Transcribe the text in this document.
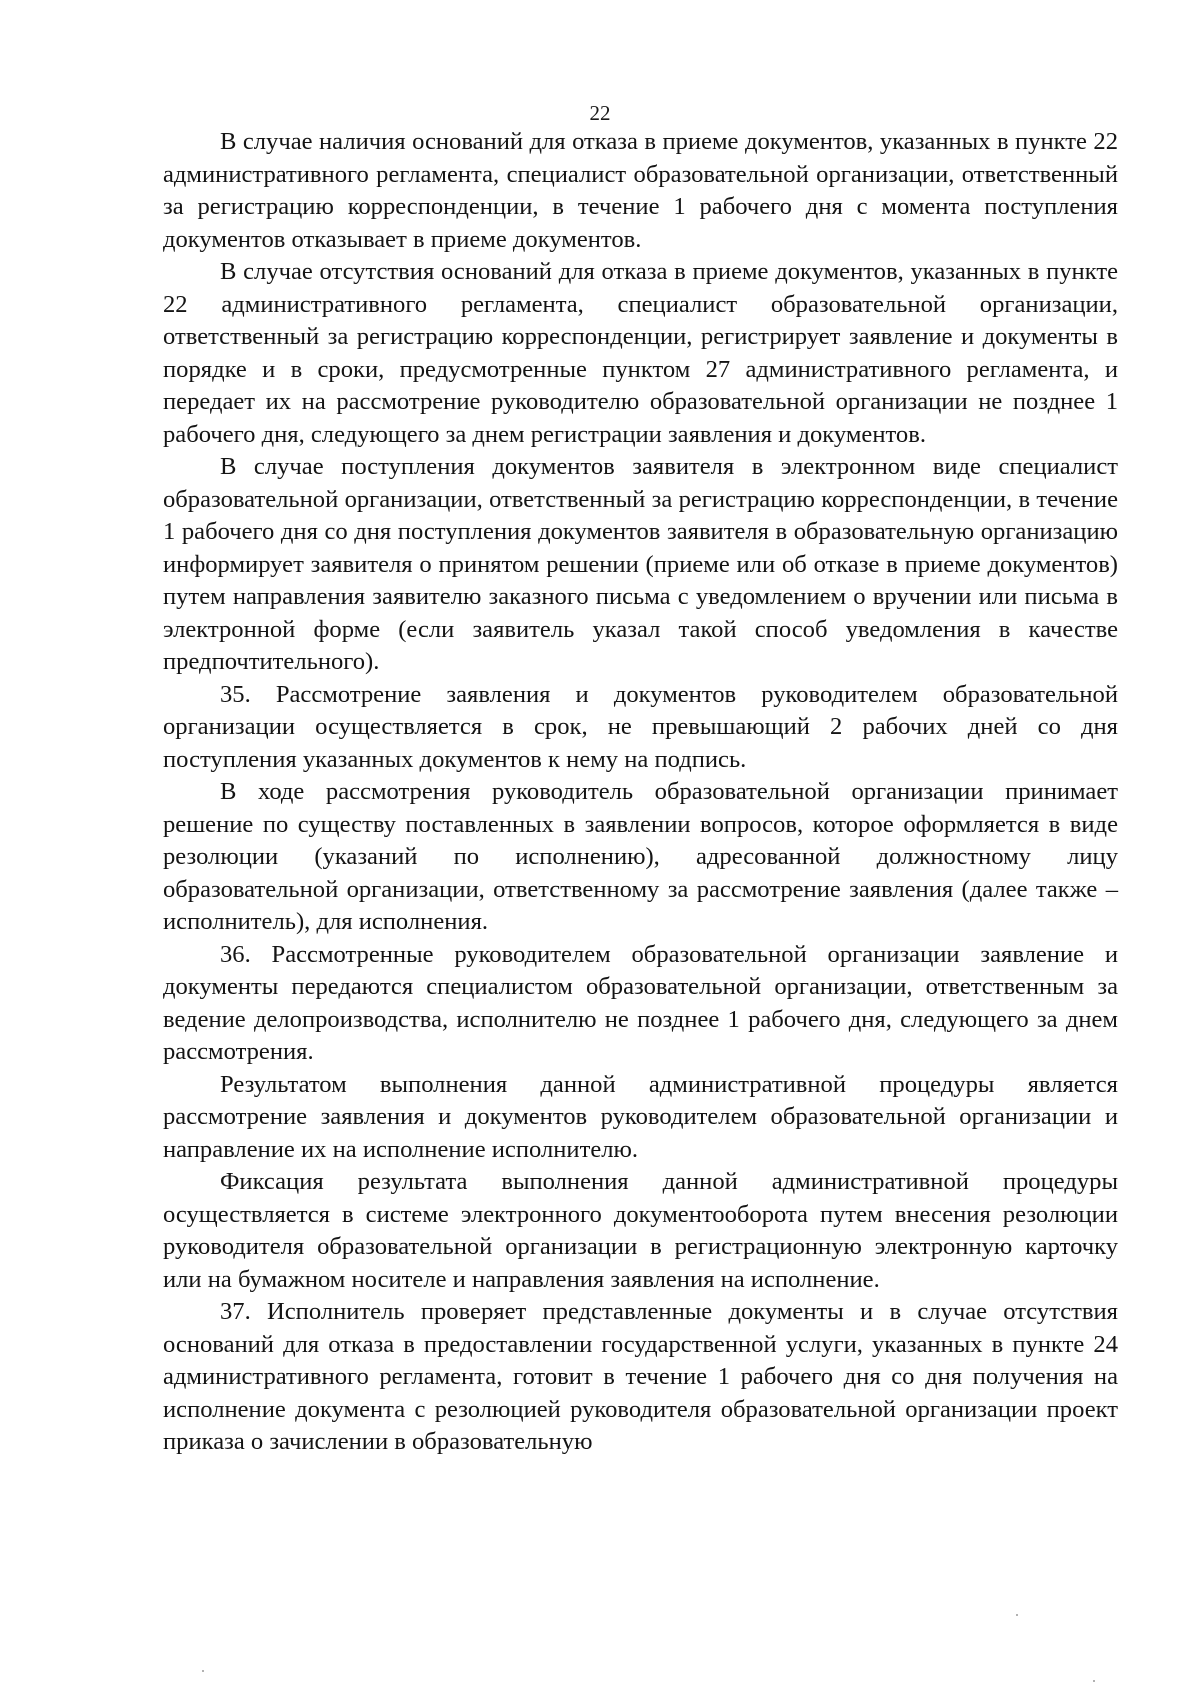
22

В случае наличия оснований для отказа в приеме документов, указанных в пункте 22 административного регламента, специалист образовательной организации, ответственный за регистрацию корреспонденции, в течение 1 рабочего дня с момента поступления документов отказывает в приеме документов.

В случае отсутствия оснований для отказа в приеме документов, указанных в пункте 22 административного регламента, специалист образовательной организации, ответственный за регистрацию корреспонденции, регистрирует заявление и документы в порядке и в сроки, предусмотренные пунктом 27 административного регламента, и передает их на рассмотрение руководителю образовательной организации не позднее 1 рабочего дня, следующего за днем регистрации заявления и документов.

В случае поступления документов заявителя в электронном виде специалист образовательной организации, ответственный за регистрацию корреспонденции, в течение 1 рабочего дня со дня поступления документов заявителя в образовательную организацию информирует заявителя о принятом решении (приеме или об отказе в приеме документов) путем направления заявителю заказного письма с уведомлением о вручении или письма в электронной форме (если заявитель указал такой способ уведомления в качестве предпочтительного).

35. Рассмотрение заявления и документов руководителем образовательной организации осуществляется в срок, не превышающий 2 рабочих дней со дня поступления указанных документов к нему на подпись.

В ходе рассмотрения руководитель образовательной организации принимает решение по существу поставленных в заявлении вопросов, которое оформляется в виде резолюции (указаний по исполнению), адресованной должностному лицу образовательной организации, ответственному за рассмотрение заявления (далее также – исполнитель), для исполнения.

36. Рассмотренные руководителем образовательной организации заявление и документы передаются специалистом образовательной организации, ответственным за ведение делопроизводства, исполнителю не позднее 1 рабочего дня, следующего за днем рассмотрения.

Результатом выполнения данной административной процедуры является рассмотрение заявления и документов руководителем образовательной организации и направление их на исполнение исполнителю.

Фиксация результата выполнения данной административной процедуры осуществляется в системе электронного документооборота путем внесения резолюции руководителя образовательной организации в регистрационную электронную карточку или на бумажном носителе и направления заявления на исполнение.

37. Исполнитель проверяет представленные документы и в случае отсутствия оснований для отказа в предоставлении государственной услуги, указанных в пункте 24 административного регламента, готовит в течение 1 рабочего дня со дня получения на исполнение документа с резолюцией руководителя образовательной организации проект приказа о зачислении в образовательную
